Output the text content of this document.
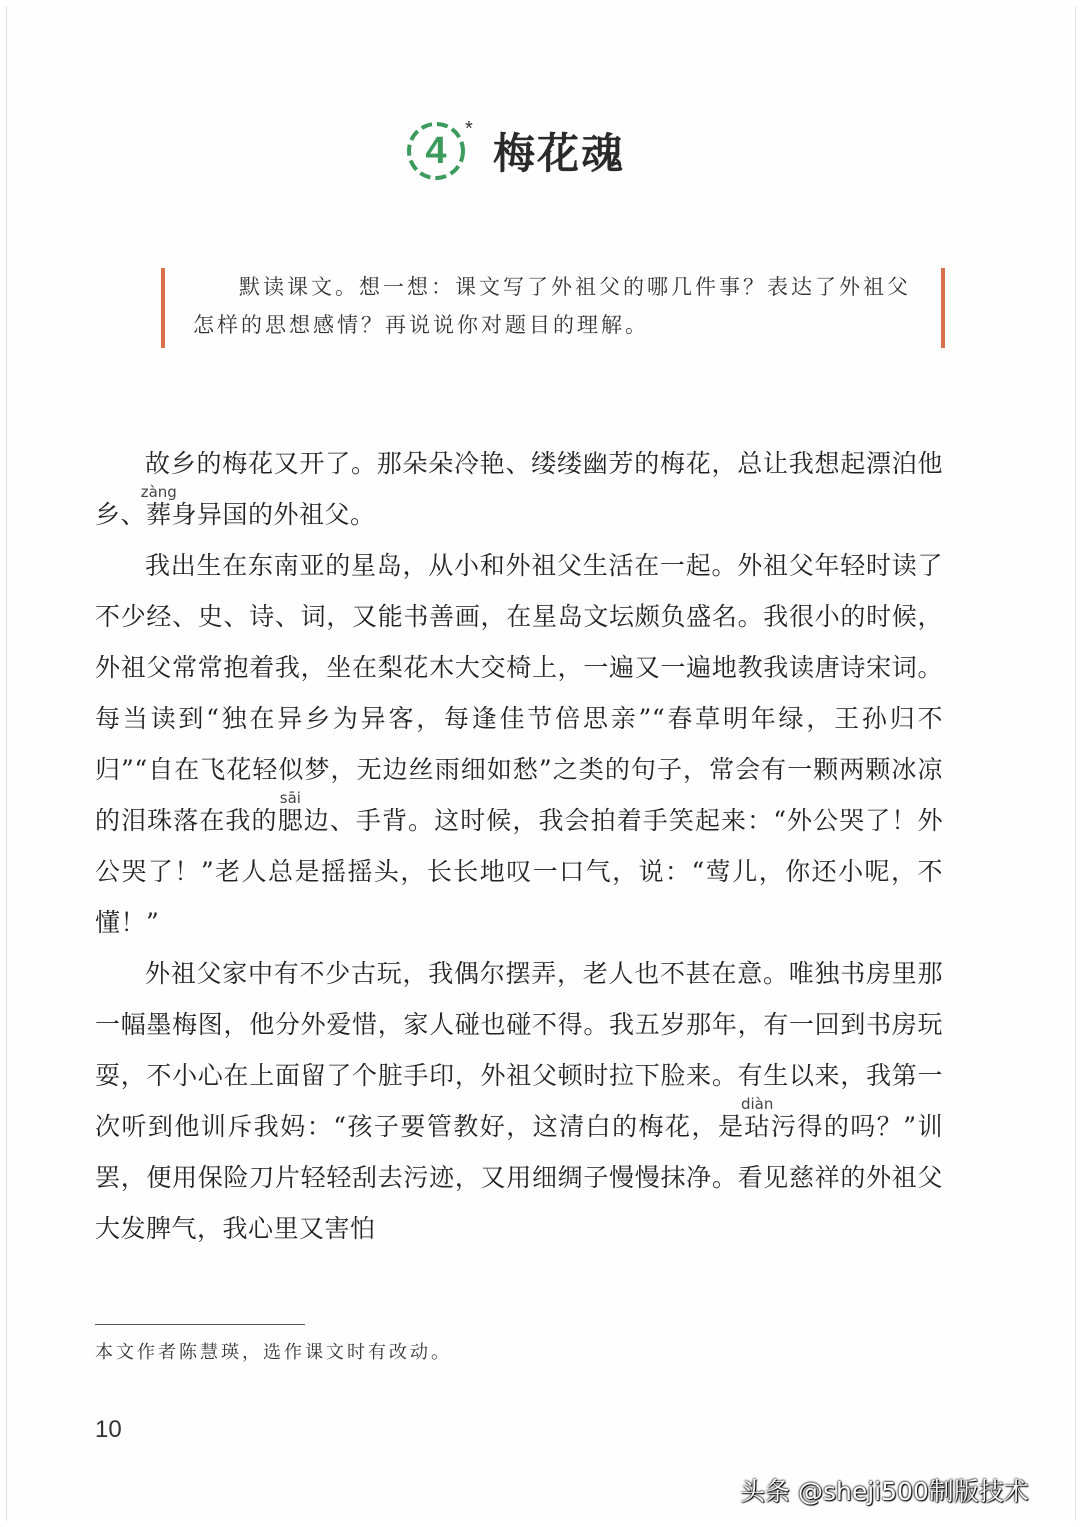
4
* 梅花魂

默读课文。想一想：课文写了外祖父的哪几件事？表达了外祖父怎样的思想感情？再说说你对题目的理解。

故乡的梅花又开了。那朵朵冷艳、缕缕幽芳的梅花，总让我想起漂泊他乡、葬zàng身异国的外祖父。

我出生在东南亚的星岛，从小和外祖父生活在一起。外祖父年轻时读了不少经、史、诗、词，又能书善画，在星岛文坛颇负盛名。我很小的时候，外祖父常常抱着我，坐在梨花木大交椅上，一遍又一遍地教我读唐诗宋词。每当读到“独在异乡为异客，每逢佳节倍思亲”“春草明年绿，王孙归不归”“自在飞花轻似梦，无边丝雨细如愁”之类的句子，常会有一颗两颗冰凉的泪珠落在我的腮sāi边、手背。这时候，我会拍着手笑起来：“外公哭了！外公哭了！”老人总是摇摇头，长长地叹一口气，说：“莺儿，你还小呢，不懂！”

外祖父家中有不少古玩，我偶尔摆弄，老人也不甚在意。唯独书房里那一幅墨梅图，他分外爱惜，家人碰也碰不得。我五岁那年，有一回到书房玩耍，不小心在上面留了个脏手印，外祖父顿时拉下脸来。有生以来，我第一次听到他训斥我妈：“孩子要管教好，这清白的梅花，是玷diàn污得的吗？”训罢，便用保险刀片轻轻刮去污迹，又用细绸子慢慢抹净。看见慈祥的外祖父大发脾气，我心里又害怕

本文作者陈慧瑛，选作课文时有改动。
10
头条 @sheji500制版技术
